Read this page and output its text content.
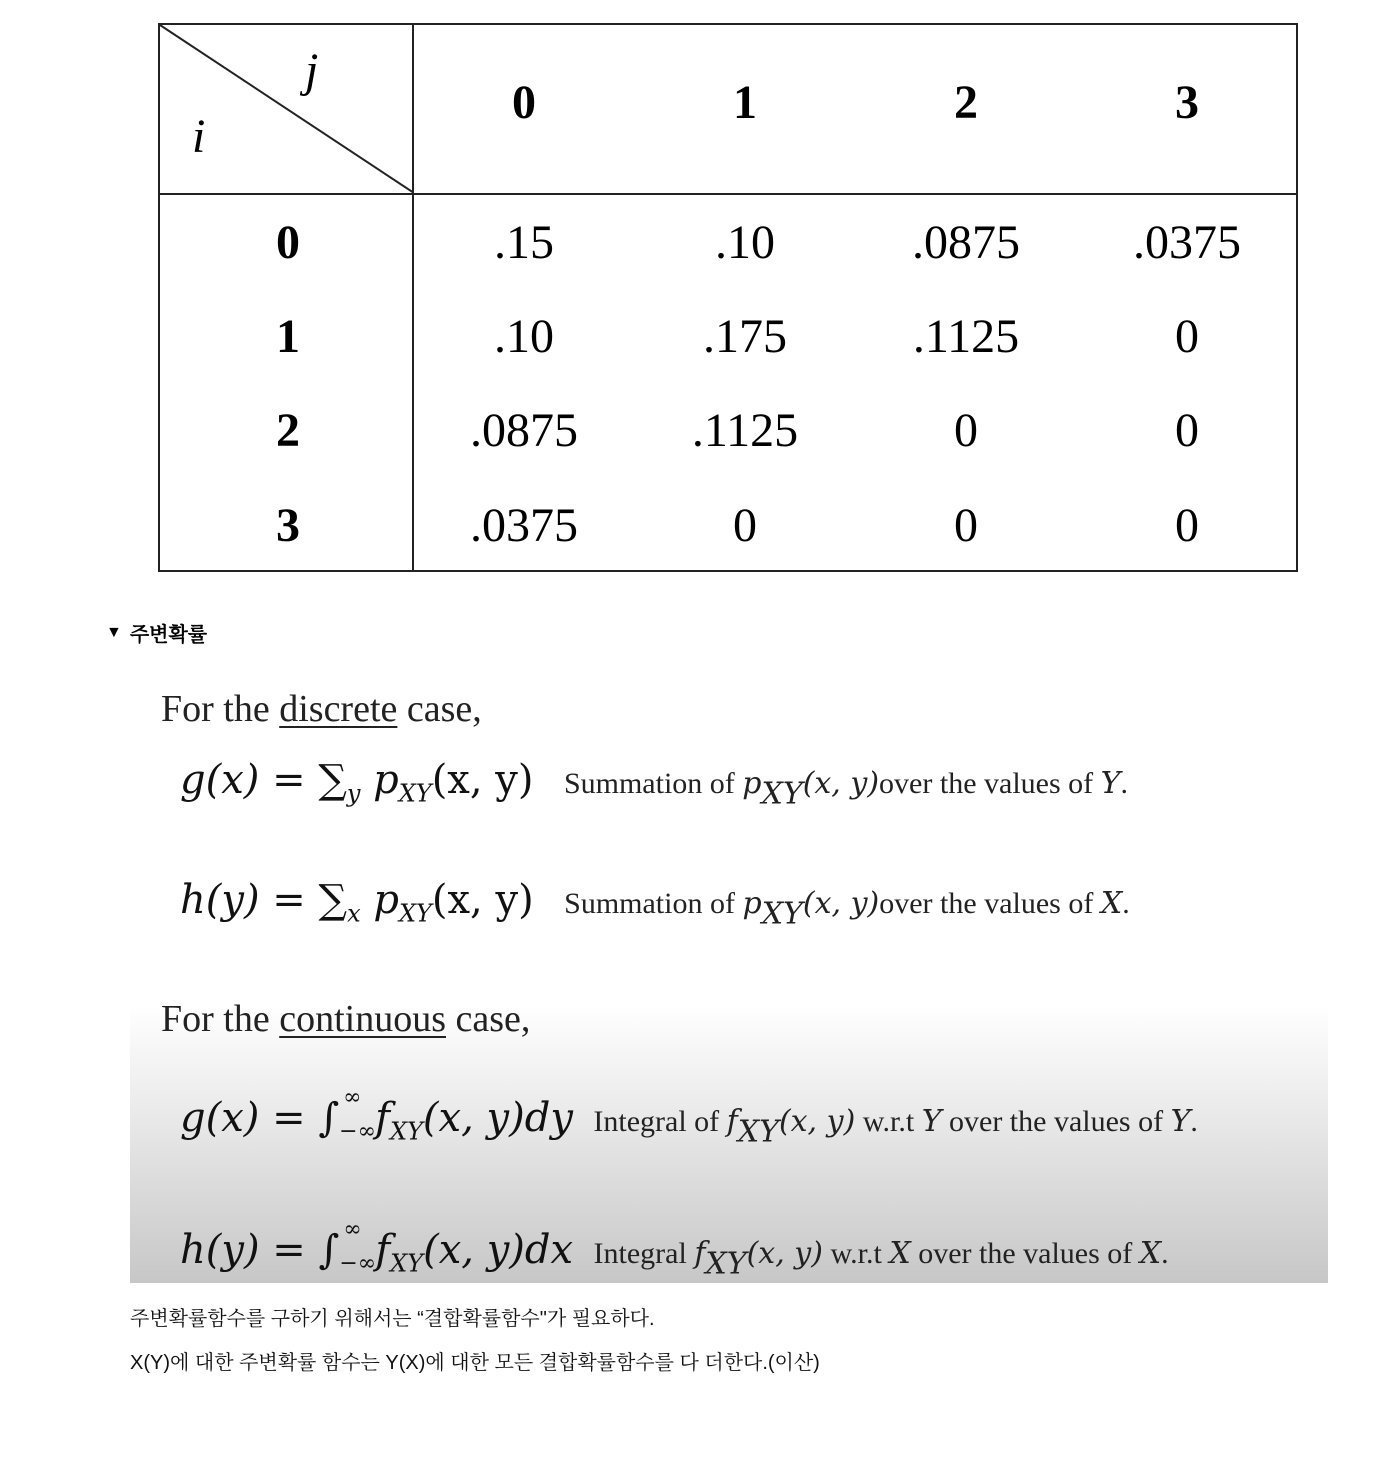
j
i
0	1	2	3
0	.15	.10	.0875	.0375
1	.10	.175	.1125	0
2	.0875	.1125	0	0
3	.0375	0	0	0
▼ 주변확률
For the discrete case,
$g(x) = \sum_y$ $p_{XY}(x$, y) Summation of pXY(x, y)over the values of Y.
$h(y) = \sum_x$ $p_{XY}(x$, y) Summation of pXY(x, y)over the values of X.
For the continuous case,
g(x) = ∫ ∞
−∞ $f_{XY}(x$, y)dy Integral of fXY(x, y) w.r.t Y over the values of Y.
h(y) = ∫ ∞
−∞ $f_{XY}(x$, y)dx Integral fXY(x, y) w.r.t X over the values of X.

주변확률함수를 구하기 위해서는 “결합확률함수"가 필요하다.

X(Y)에 대한 주변확률 함수는 Y(X)에 대한 모든 결합확률함수를 다 더한다.(이산)
